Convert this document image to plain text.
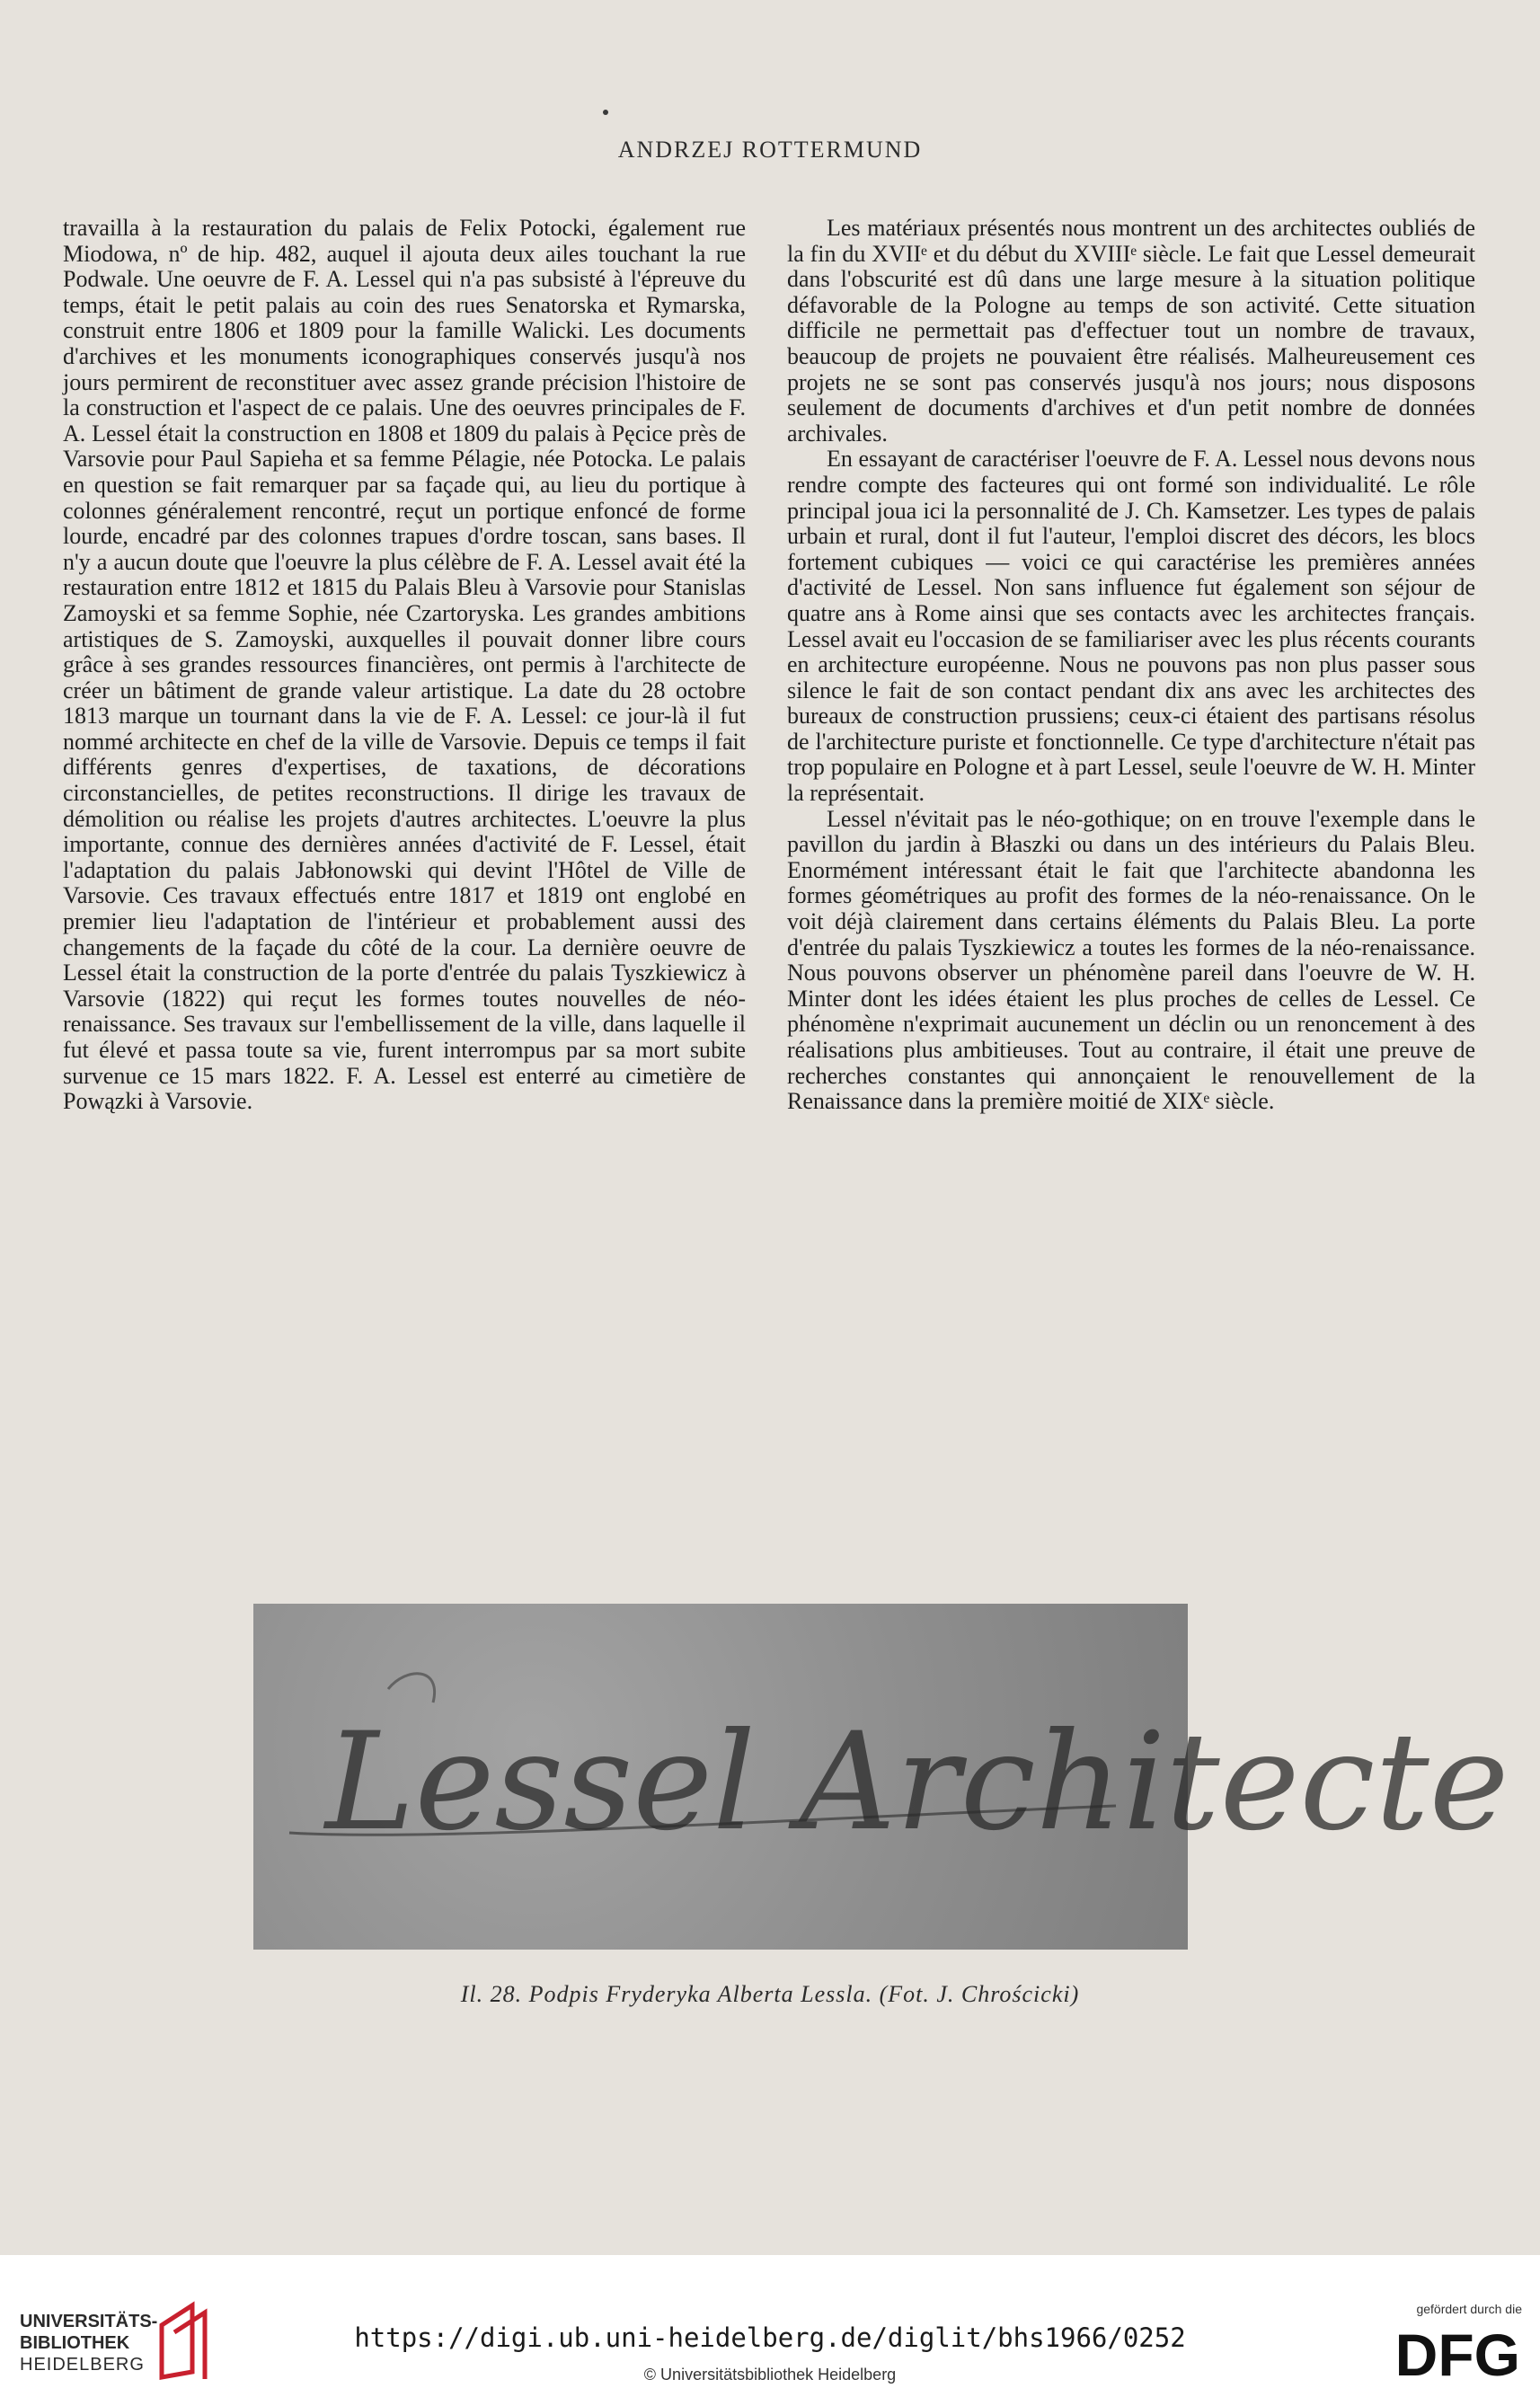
ANDRZEJ ROTTERMUND

travailla à la restauration du palais de Felix Potocki, également rue Miodowa, nº de hip. 482, auquel il ajouta deux ailes touchant la rue Podwale. Une oeuvre de F. A. Lessel qui n'a pas subsisté à l'épreuve du temps, était le petit palais au coin des rues Senatorska et Rymarska, construit entre 1806 et 1809 pour la famille Walicki. Les documents d'archives et les monuments iconographiques conservés jusqu'à nos jours permirent de reconstituer avec assez grande précision l'histoire de la construction et l'aspect de ce palais. Une des oeuvres principales de F. A. Lessel était la construction en 1808 et 1809 du palais à Pęcice près de Varsovie pour Paul Sapieha et sa femme Pélagie, née Potocka. Le palais en question se fait remarquer par sa façade qui, au lieu du portique à colonnes généralement rencontré, reçut un portique enfoncé de forme lourde, encadré par des colonnes trapues d'ordre toscan, sans bases. Il n'y a aucun doute que l'oeuvre la plus célèbre de F. A. Lessel avait été la restauration entre 1812 et 1815 du Palais Bleu à Varsovie pour Stanislas Zamoyski et sa femme Sophie, née Czartoryska. Les grandes ambitions artistiques de S. Zamoyski, auxquelles il pouvait donner libre cours grâce à ses grandes ressources financières, ont permis à l'architecte de créer un bâtiment de grande valeur artistique. La date du 28 octobre 1813 marque un tournant dans la vie de F. A. Lessel: ce jour-là il fut nommé architecte en chef de la ville de Varsovie. Depuis ce temps il fait différents genres d'expertises, de taxations, de décorations circonstancielles, de petites reconstructions. Il dirige les travaux de démolition ou réalise les projets d'autres architectes. L'oeuvre la plus importante, connue des dernières années d'activité de F. Lessel, était l'adaptation du palais Jabłonowski qui devint l'Hôtel de Ville de Varsovie. Ces travaux effectués entre 1817 et 1819 ont englobé en premier lieu l'adaptation de l'intérieur et probablement aussi des changements de la façade du côté de la cour. La dernière oeuvre de Lessel était la construction de la porte d'entrée du palais Tyszkiewicz à Varsovie (1822) qui reçut les formes toutes nouvelles de néo-renaissance. Ses travaux sur l'embellissement de la ville, dans laquelle il fut élevé et passa toute sa vie, furent interrompus par sa mort subite survenue ce 15 mars 1822. F. A. Lessel est enterré au cimetière de Powązki à Varsovie.

Les matériaux présentés nous montrent un des architectes oubliés de la fin du XVIIᵉ et du début du XVIIIᵉ siècle. Le fait que Lessel demeurait dans l'obscurité est dû dans une large mesure à la situation politique défavorable de la Pologne au temps de son activité. Cette situation difficile ne permettait pas d'effectuer tout un nombre de travaux, beaucoup de projets ne pouvaient être réalisés. Malheureusement ces projets ne se sont pas conservés jusqu'à nos jours; nous disposons seulement de documents d'archives et d'un petit nombre de données archivales.

En essayant de caractériser l'oeuvre de F. A. Lessel nous devons nous rendre compte des facteures qui ont formé son individualité. Le rôle principal joua ici la personnalité de J. Ch. Kamsetzer. Les types de palais urbain et rural, dont il fut l'auteur, l'emploi discret des décors, les blocs fortement cubiques — voici ce qui caractérise les premières années d'activité de Lessel. Non sans influence fut également son séjour de quatre ans à Rome ainsi que ses contacts avec les architectes français. Lessel avait eu l'occasion de se familiariser avec les plus récents courants en architecture européenne. Nous ne pouvons pas non plus passer sous silence le fait de son contact pendant dix ans avec les architectes des bureaux de construction prussiens; ceux-ci étaient des partisans résolus de l'architecture puriste et fonctionnelle. Ce type d'architecture n'était pas trop populaire en Pologne et à part Lessel, seule l'oeuvre de W. H. Minter la représentait.

Lessel n'évitait pas le néo-gothique; on en trouve l'exemple dans le pavillon du jardin à Błaszki ou dans un des intérieurs du Palais Bleu. Enormément intéressant était le fait que l'architecte abandonna les formes géométriques au profit des formes de la néo-renaissance. On le voit déjà clairement dans certains éléments du Palais Bleu. La porte d'entrée du palais Tyszkiewicz a toutes les formes de la néo-renaissance. Nous pouvons observer un phénomène pareil dans l'oeuvre de W. H. Minter dont les idées étaient les plus proches de celles de Lessel. Ce phénomène n'exprimait aucunement un déclin ou un renoncement à des réalisations plus ambitieuses. Tout au contraire, il était une preuve de recherches constantes qui annonçaient le renouvellement de la Renaissance dans la première moitié de XIXᵉ siècle.

Lessel Architecte
Il. 28. Podpis Fryderyka Alberta Lessla. (Fot. J. Chrościcki)
UNIVERSITÄTS-
BIBLIOTHEK
HEIDELBERG
https://digi.ub.uni-heidelberg.de/diglit/bhs1966/0252
© Universitätsbibliothek Heidelberg
gefördert durch die
DFG
